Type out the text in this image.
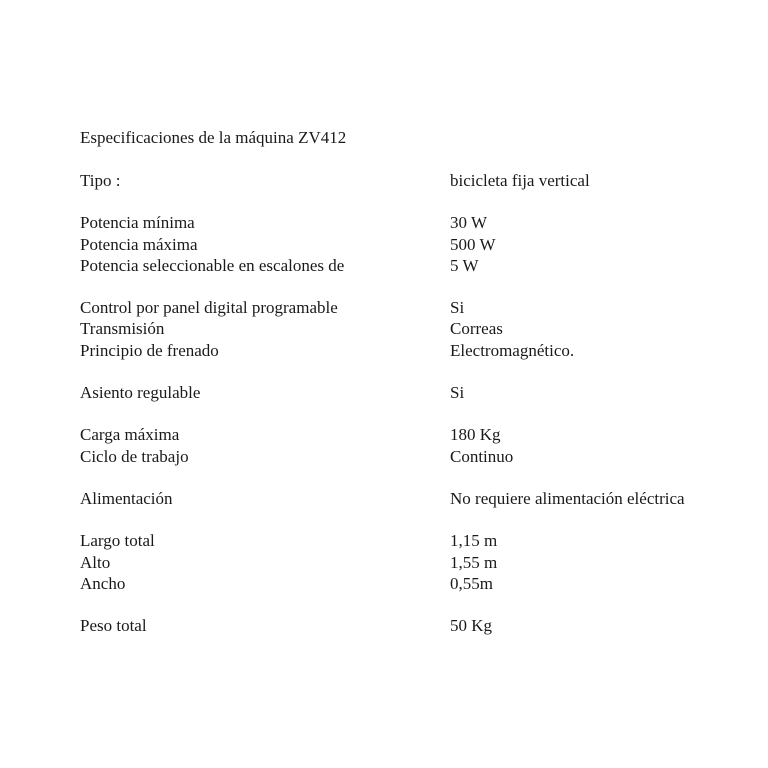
Especificaciones de la máquina ZV412
Tipo :	bicicleta fija vertical
Potencia mínima	30 W
Potencia máxima	500 W
Potencia seleccionable en escalones de	5 W
Control por panel digital programable	Si
Transmisión	Correas
Principio de frenado	Electromagnético.
Asiento regulable	Si
Carga máxima	180 Kg
Ciclo de trabajo	Continuo
Alimentación	No requiere alimentación eléctrica
Largo total	1,15 m
Alto	1,55 m
Ancho	0,55m
Peso total	50 Kg
